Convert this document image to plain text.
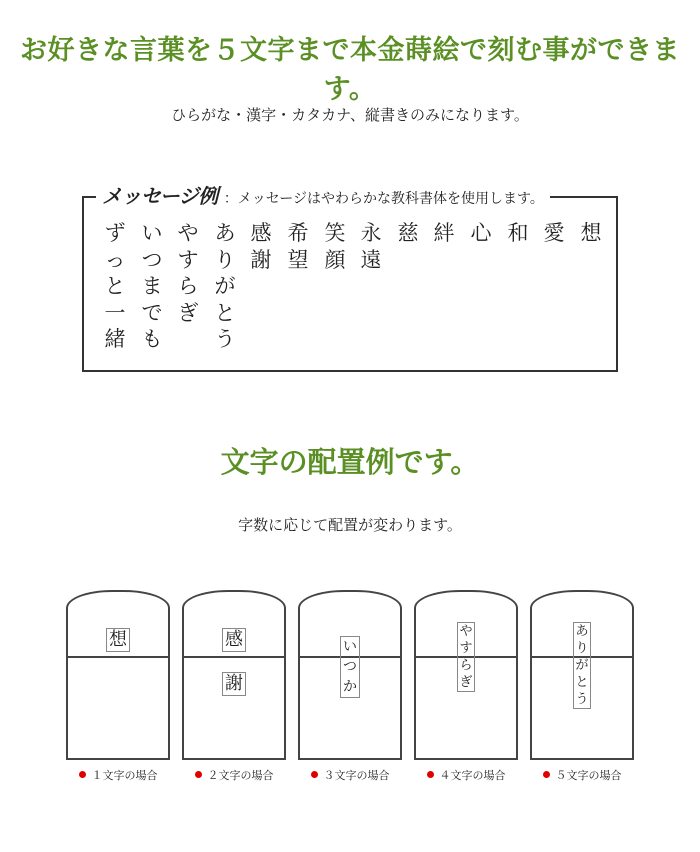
お好きな言葉を５文字まで本金蒔絵で刻む事ができます。

ひらがな・漢字・カタカナ、縦書きのみになります。

メッセージ例 ：メッセージはやわらかな教科書体を使用します。
ず
っ
と
一
緒
い
つ
ま
で
も
や
す
ら
ぎ
あ
り
が
と
う
感
謝
希
望
笑
顔
永
遠
慈 絆 心 和 愛 想
文字の配置例です。

字数に応じて配置が変わります。

想
１文字の場合
感
謝
２文字の場合
い
つ
か
３文字の場合
や
す
ら
ぎ
４文字の場合
あ
り
が
と
う
５文字の場合
